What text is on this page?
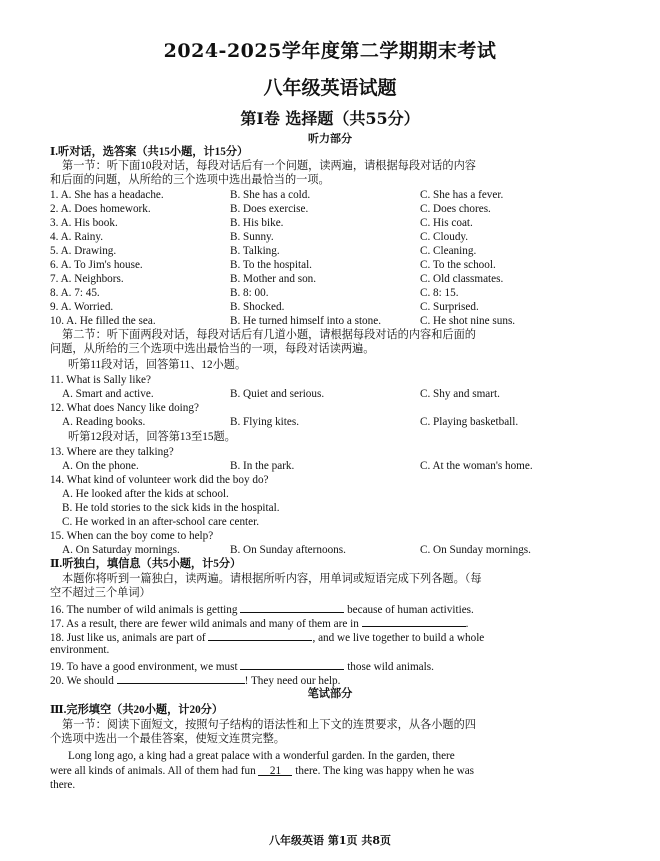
2024-2025学年度第二学期期末考试
八年级英语试题
第Ⅰ卷 选择题（共55分）
听力部分
Ⅰ.听对话，选答案（共15小题，计15分）
第一节：听下面10段对话，每段对话后有一个问题，读两遍，请根据每段对话的内容
和后面的问题，从所给的三个选项中选出最恰当的一项。
1. A. She has a headache.	B. She has a cold.	C. She has a fever.
2. A. Does homework.	B. Does exercise.	C. Does chores.
3. A. His book.	B. His bike.	C. His coat.
4. A. Rainy.	B. Sunny.	C. Cloudy.
5. A. Drawing.	B. Talking.	C. Cleaning.
6. A. To Jim's house.	B. To the hospital.	C. To the school.
7. A. Neighbors.	B. Mother and son.	C. Old classmates.
8. A. 7: 45.	B. 8: 00.	C. 8: 15.
9. A. Worried.	B. Shocked.	C. Surprised.
10. A. He filled the sea.	B. He turned himself into a stone.	C. He shot nine suns.
第二节：听下面两段对话，每段对话后有几道小题，请根据每段对话的内容和后面的
问题，从所给的三个选项中选出最恰当的一项，每段对话读两遍。
听第11段对话，回答第11、12小题。
11. What is Sally like?
A. Smart and active.	B. Quiet and serious.	C. Shy and smart.
12. What does Nancy like doing?
A. Reading books.	B. Flying kites.	C. Playing basketball.
听第12段对话，回答第13至15题。
13. Where are they talking?
A. On the phone.	B. In the park.	C. At the woman's home.
14. What kind of volunteer work did the boy do?
A. He looked after the kids at school.
B. He told stories to the sick kids in the hospital.
C. He worked in an after-school care center.
15. When can the boy come to help?
A. On Saturday mornings.	B. On Sunday afternoons.	C. On Sunday mornings.
Ⅱ.听独白，填信息（共5小题，计5分）
本题你将听到一篇独白，读两遍。请根据所听内容，用单词或短语完成下列各题。（每
空不超过三个单词）
16. The number of wild animals is getting	because of human activities.
17. As a result, there are fewer wild animals and many of them are in	.
18. Just like us, animals are part of	, and we live together to build a whole
environment.
19. To have a good environment, we must	those wild animals.
20. We should	! They need our help.
笔试部分
Ⅲ.完形填空（共20小题，计20分）
第一节：阅读下面短文，按照句子结构的语法性和上下文的连贯要求，从各小题的四
个选项中选出一个最佳答案，使短文连贯完整。
Long long ago, a king had a great palace with a wonderful garden. In the garden, there
were all kinds of animals. All of them had fun 21 there. The king was happy when he was
there.
八年级英语 第1页 共8页
